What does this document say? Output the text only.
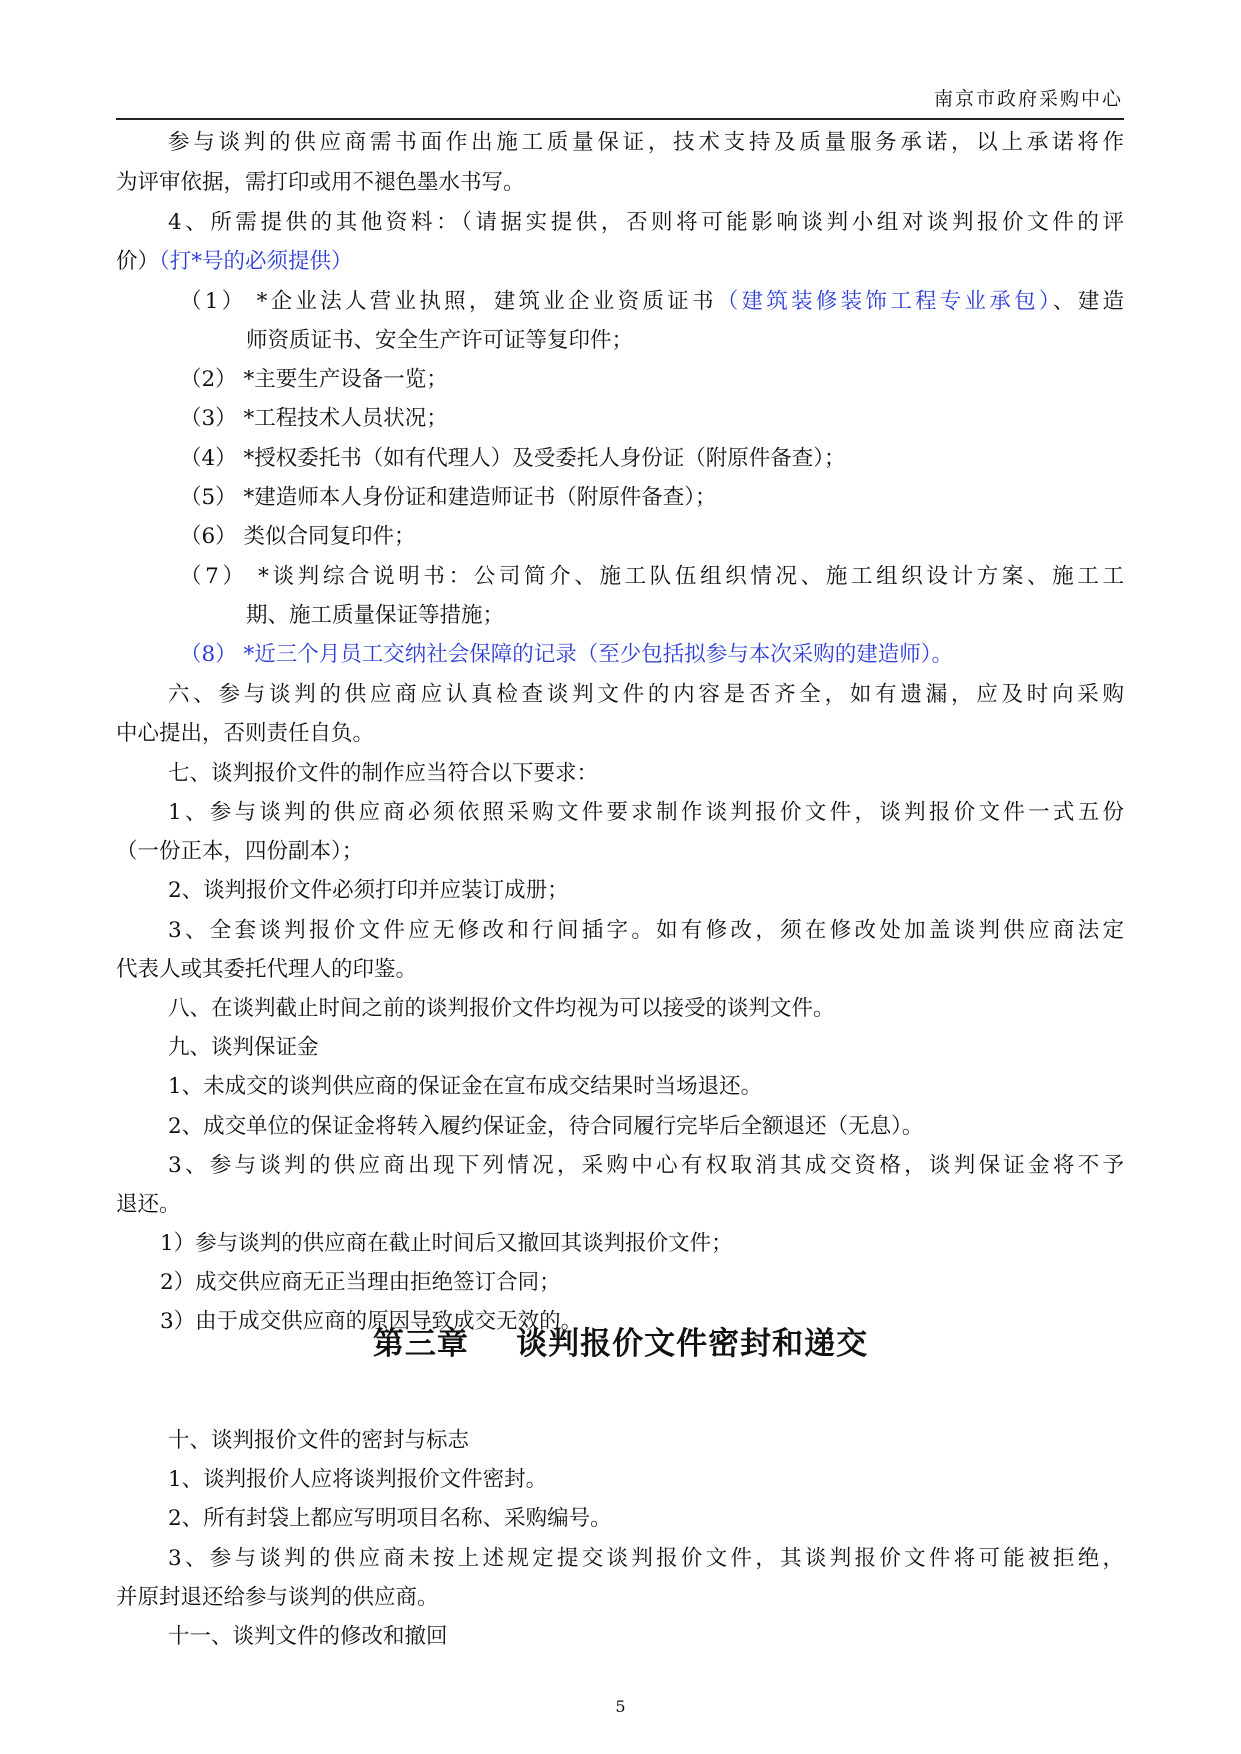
南京市政府采购中心
参与谈判的供应商需书面作出施工质量保证，技术支持及质量服务承诺，以上承诺将作
为评审依据，需打印或用不褪色墨水书写。
4、所需提供的其他资料：（请据实提供，否则将可能影响谈判小组对谈判报价文件的评
价）（打*号的必须提供）
（1） *企业法人营业执照，建筑业企业资质证书（建筑装修装饰工程专业承包）、建造
师资质证书、安全生产许可证等复印件；
（2） *主要生产设备一览；
（3） *工程技术人员状况；
（4） *授权委托书（如有代理人）及受委托人身份证（附原件备查）；
（5） *建造师本人身份证和建造师证书（附原件备查）；
（6） 类似合同复印件；
（7） *谈判综合说明书：公司简介、施工队伍组织情况、施工组织设计方案、施工工
期、施工质量保证等措施；
（8） *近三个月员工交纳社会保障的记录（至少包括拟参与本次采购的建造师）。
六、参与谈判的供应商应认真检查谈判文件的内容是否齐全，如有遗漏，应及时向采购
中心提出，否则责任自负。
七、谈判报价文件的制作应当符合以下要求：
1、参与谈判的供应商必须依照采购文件要求制作谈判报价文件，谈判报价文件一式五份
（一份正本，四份副本）；
2、谈判报价文件必须打印并应装订成册；
3、全套谈判报价文件应无修改和行间插字。如有修改，须在修改处加盖谈判供应商法定
代表人或其委托代理人的印鉴。
八、在谈判截止时间之前的谈判报价文件均视为可以接受的谈判文件。
九、谈判保证金
1、未成交的谈判供应商的保证金在宣布成交结果时当场退还。
2、成交单位的保证金将转入履约保证金，待合同履行完毕后全额退还（无息）。
3、参与谈判的供应商出现下列情况，采购中心有权取消其成交资格，谈判保证金将不予
退还。
1）参与谈判的供应商在截止时间后又撤回其谈判报价文件；
2）成交供应商无正当理由拒绝签订合同；
3）由于成交供应商的原因导致成交无效的。
第三章    谈判报价文件密封和递交
十、谈判报价文件的密封与标志
1、谈判报价人应将谈判报价文件密封。
2、所有封袋上都应写明项目名称、采购编号。
3、参与谈判的供应商未按上述规定提交谈判报价文件，其谈判报价文件将可能被拒绝，
并原封退还给参与谈判的供应商。
十一、谈判文件的修改和撤回
5
